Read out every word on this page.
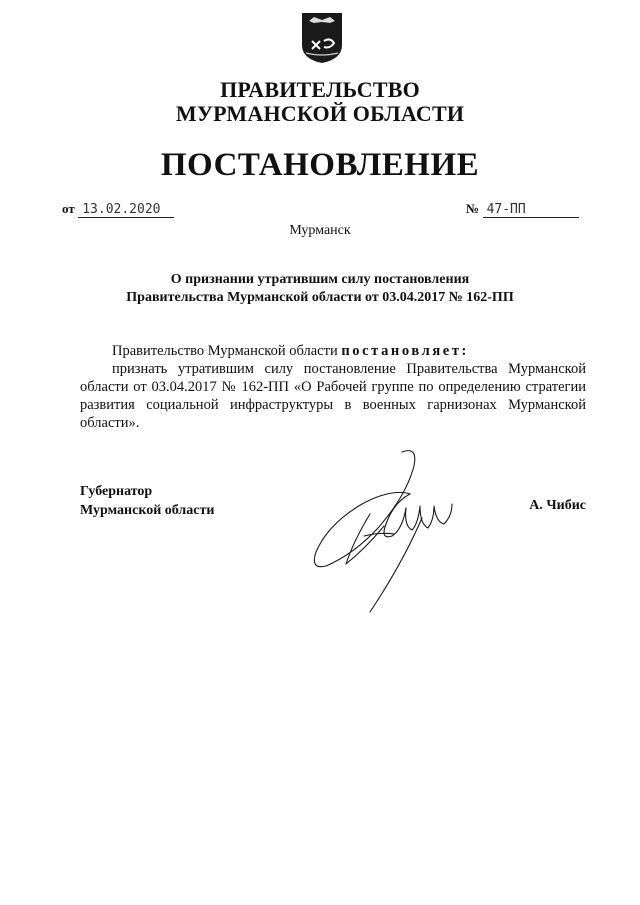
ПРАВИТЕЛЬСТВО
МУРМАНСКОЙ ОБЛАСТИ
ПОСТАНОВЛЕНИЕ
от 13.02.2020	№ 47-ПП
Мурманск
О признании утратившим силу постановления
Правительства Мурманской области от 03.04.2017 № 162-ПП

Правительство Мурманской области постановляет:

признать утратившим силу постановление Правительства Мурманской области от 03.04.2017 № 162-ПП «О Рабочей группе по определению стратегии развития социальной инфраструктуры в военных гарнизонах Мурманской области».

Губернатор
Мурманской области	А. Чибис
